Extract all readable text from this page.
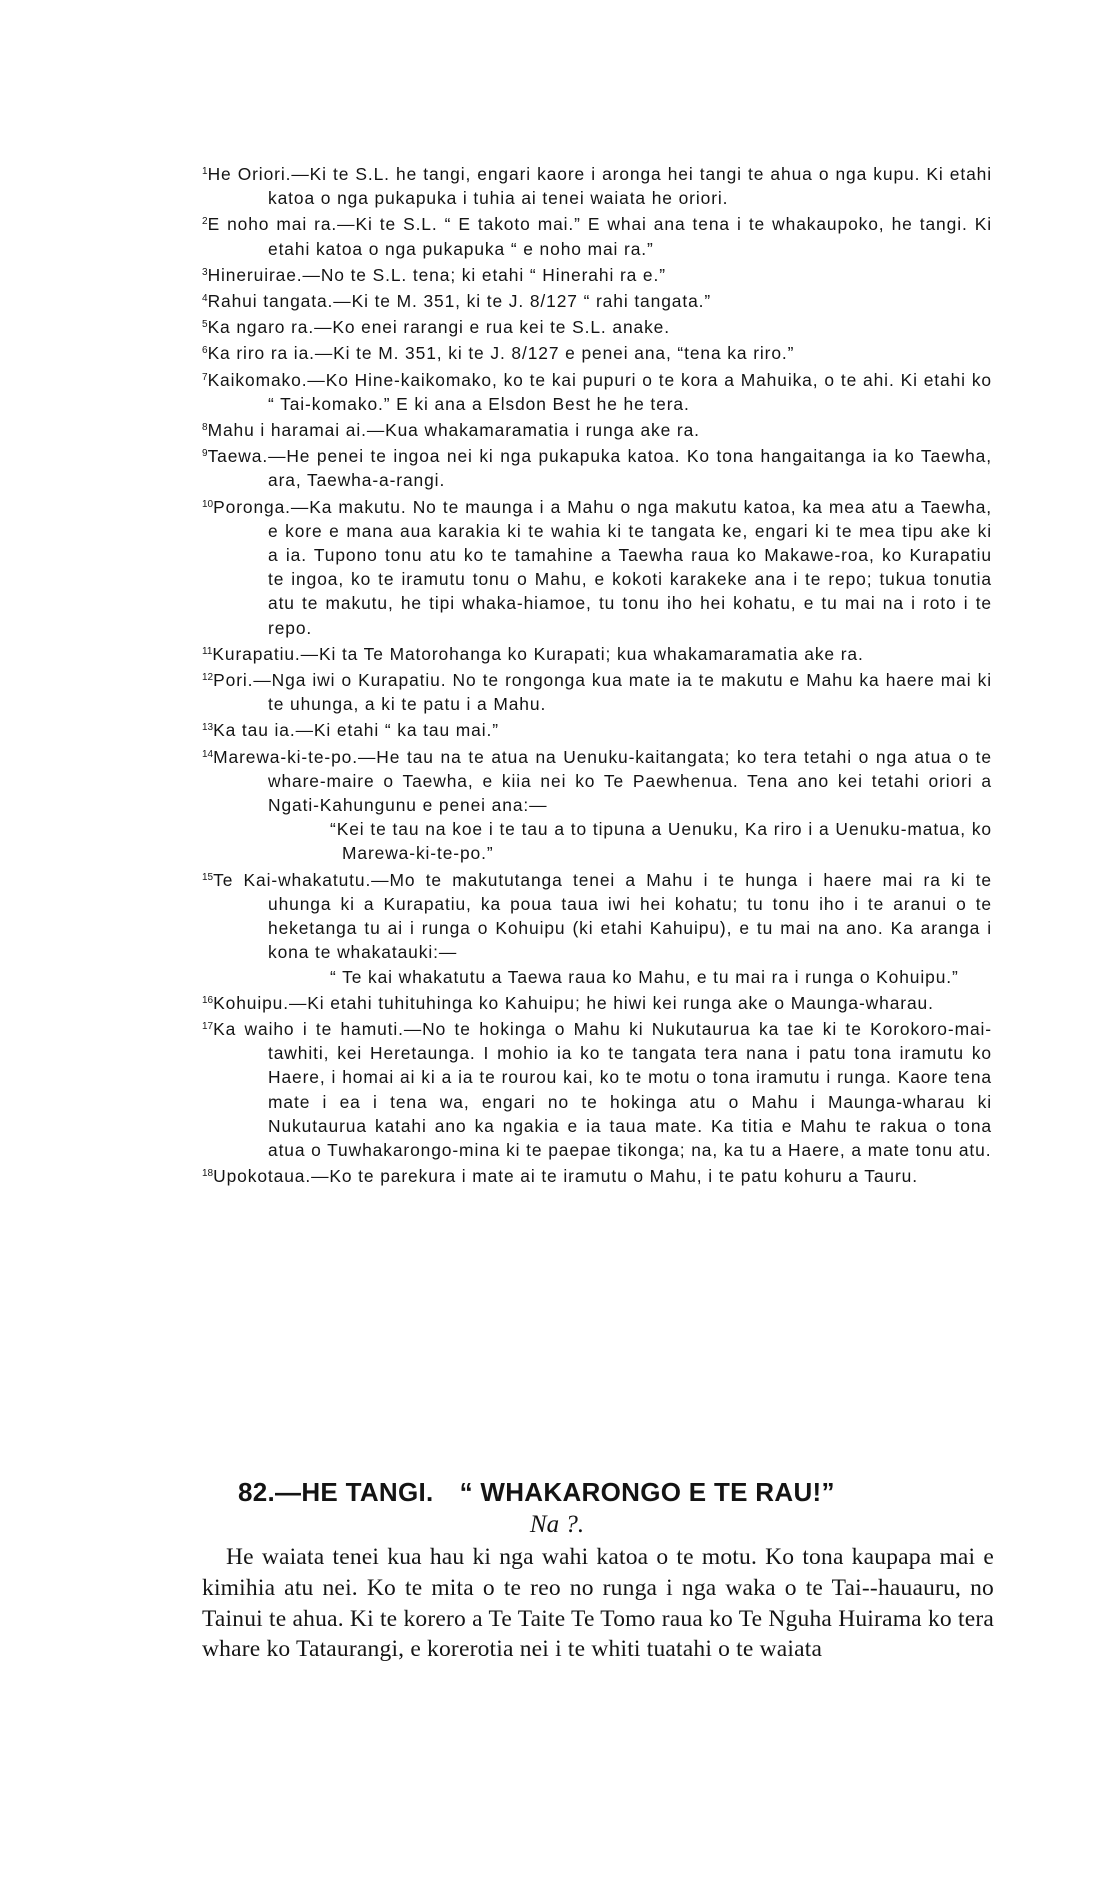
$^1$He Oriori.—Ki te S.L. he tangi, engari kaore i aronga hei tangi te ahua o nga kupu. Ki etahi katoa o nga pukapuka i tuhia ai tenei waiata he oriori.

$^2$E noho mai ra.—Ki te S.L. “ E takoto mai.” E whai ana tena i te whakaupoko, he tangi. Ki etahi katoa o nga pukapuka “ e noho mai ra.”

$^3$Hineruirae.—No te S.L. tena; ki etahi “ Hinerahi ra e.”

$^4$Rahui tangata.—Ki te M. 351, ki te J. 8/127 “ rahi tangata.”

$^5$Ka ngaro ra.—Ko enei rarangi e rua kei te S.L. anake.

$^6$Ka riro ra ia.—Ki te M. 351, ki te J. 8/127 e penei ana, “tena ka riro.”

$^7$Kaikomako.—Ko Hine-kaikomako, ko te kai pupuri o te kora a Mahuika, o te ahi. Ki etahi ko “ Tai-komako.” E ki ana a Elsdon Best he he tera.

$^8$Mahu i haramai ai.—Kua whakamaramatia i runga ake ra.

$^9$Taewa.—He penei te ingoa nei ki nga pukapuka katoa. Ko tona hangaitanga ia ko Taewha, ara, Taewha-a-rangi.

$^{10}$Poronga.—Ka makutu. No te maunga i a Mahu o nga makutu katoa, ka mea atu a Taewha, e kore e mana aua karakia ki te wahia ki te tangata ke, engari ki te mea tipu ake ki a ia. Tupono tonu atu ko te tamahine a Taewha raua ko Makawe-roa, ko Kurapatiu te ingoa, ko te iramutu tonu o Mahu, e kokoti karakeke ana i te repo; tukua tonutia atu te makutu, he tipi whaka-hiamoe, tu tonu iho hei kohatu, e tu mai na i roto i te repo.

$^{11}$Kurapatiu.—Ki ta Te Matorohanga ko Kurapati; kua whakamaramatia ake ra.

$^{12}$Pori.—Nga iwi o Kurapatiu. No te rongonga kua mate ia te makutu e Mahu ka haere mai ki te uhunga, a ki te patu i a Mahu.

$^{13}$Ka tau ia.—Ki etahi “ ka tau mai.”

$^{14}$Marewa-ki-te-po.—He tau na te atua na Uenuku-kaitangata; ko tera tetahi o nga atua o te whare-maire o Taewha, e kiia nei ko Te Paewhenua. Tena ano kei tetahi oriori a Ngati-Kahungunu e penei ana:—

“Kei te tau na koe i te tau a to tipuna a Uenuku, Ka riro i a Uenuku-matua, ko Marewa-ki-te-po.”

$^{15}$Te Kai-whakatutu.—Mo te makututanga tenei a Mahu i te hunga i haere mai ra ki te uhunga ki a Kurapatiu, ka poua taua iwi hei kohatu; tu tonu iho i te aranui o te heketanga tu ai i runga o Kohuipu (ki etahi Kahuipu), e tu mai na ano. Ka aranga i kona te whakatauki:—

“ Te kai whakatutu a Taewa raua ko Mahu, e tu mai ra i runga o Kohuipu.”

$^{16}$Kohuipu.—Ki etahi tuhituhinga ko Kahuipu; he hiwi kei runga ake o Maunga-wharau.

$^{17}$Ka waiho i te hamuti.—No te hokinga o Mahu ki Nukutaurua ka tae ki te Korokoro-mai-tawhiti, kei Heretaunga. I mohio ia ko te tangata tera nana i patu tona iramutu ko Haere, i homai ai ki a ia te rourou kai, ko te motu o tona iramutu i runga. Kaore tena mate i ea i tena wa, engari no te hokinga atu o Mahu i Maunga-wharau ki Nukutaurua katahi ano ka ngakia e ia taua mate. Ka titia e Mahu te rakua o tona atua o Tuwhakarongo-mina ki te paepae tikonga; na, ka tu a Haere, a mate tonu atu.

$^{18}$Upokotaua.—Ko te parekura i mate ai te iramutu o Mahu, i te patu kohuru a Tauru.

82.—HE TANGI. “ WHAKARONGO E TE RAU!”
Na ?.

He waiata tenei kua hau ki nga wahi katoa o te motu. Ko tona kaupapa mai e kimihia atu nei. Ko te mita o te reo no runga i nga waka o te Tai--hauauru, no Tainui te ahua. Ki te korero a Te Taite Te Tomo raua ko Te Nguha Huirama ko tera whare ko Tataurangi, e korerotia nei i te whiti tuatahi o te waiata
